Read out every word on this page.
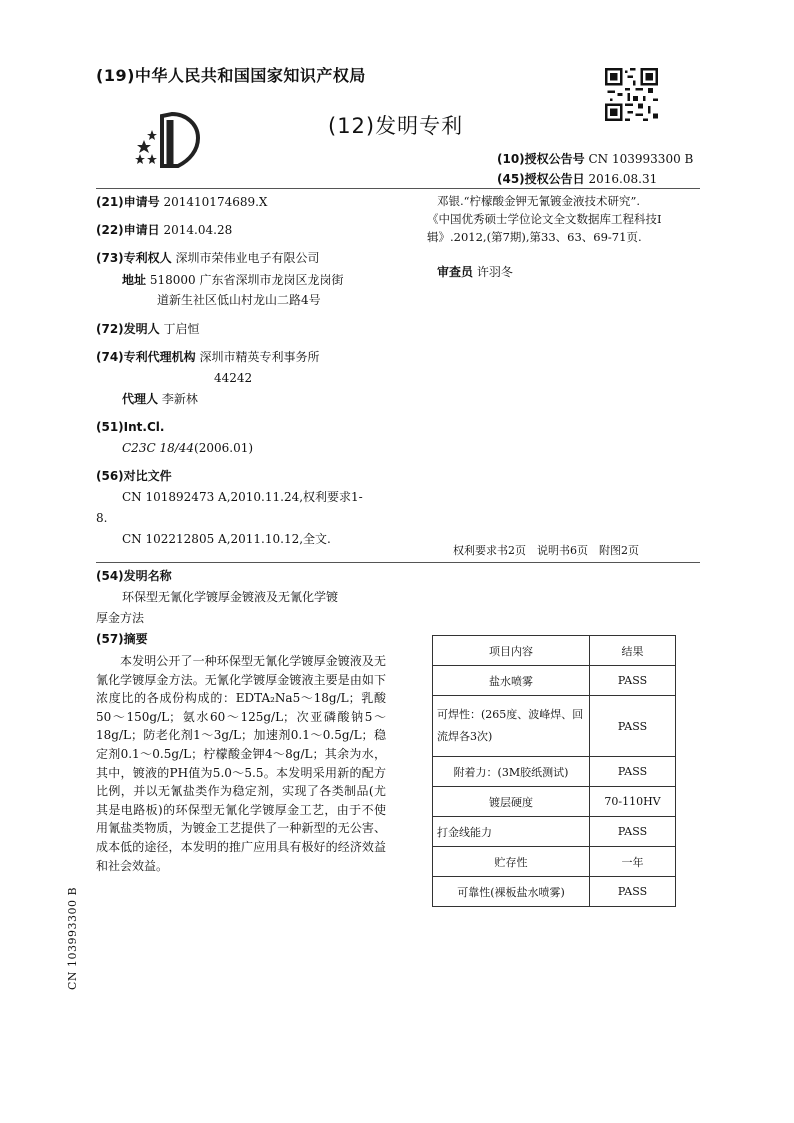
(19)中华人民共和国国家知识产权局
(12)发明专利
(10)授权公告号 CN 103993300 B
(45)授权公告日 2016.08.31
(21)申请号 201410174689.X
(22)申请日 2014.04.28
(73)专利权人 深圳市荣伟业电子有限公司
地址 518000 广东省深圳市龙岗区龙岗街
道新生社区低山村龙山二路4号
(72)发明人 丁启恒
(74)专利代理机构 深圳市精英专利事务所
44242
代理人 李新林
(51)Int.Cl.
C23C 18/44(2006.01)
(56)对比文件
CN 101892473 A,2010.11.24,权利要求1-
8.
CN 102212805 A,2011.10.12,全文.
邓银.“柠檬酸金钾无氰镀金液技术研究”.
《中国优秀硕士学位论文全文数据库工程科技I
辑》.2012,(第7期),第33、63、69-71页.
审查员 许羽冬
权利要求书2页　说明书6页　附图2页
(54)发明名称
环保型无氰化学镀厚金镀液及无氰化学镀
厚金方法
(57)摘要

本发明公开了一种环保型无氰化学镀厚金镀液及无氰化学镀厚金方法。无氰化学镀厚金镀液主要是由如下浓度比的各成份构成的：EDTA₂Na5～18g/L；乳酸50～150g/L；氨水60～125g/L；次亚磷酸钠5～18g/L；防老化剂1～3g/L；加速剂0.1～0.5g/L；稳定剂0.1～0.5g/L；柠檬酸金钾4～8g/L；其余为水，其中，镀液的PH值为5.0～5.5。本发明采用新的配方比例，并以无氰盐类作为稳定剂，实现了各类制品(尤其是电路板)的环保型无氰化学镀厚金工艺，由于不使用氰盐类物质，为镀金工艺提供了一种新型的无公害、成本低的途径，本发明的推广应用具有极好的经济效益和社会效益。

项目内容	结果
盐水喷雾	PASS
可焊性：(265度、波峰焊、回流焊各3次)	PASS
附着力：(3M胶纸测试)	PASS
镀层硬度	70-110HV
打金线能力	PASS
贮存性	一年
可靠性(裸板盐水喷雾)	PASS
CN 103993300 B
